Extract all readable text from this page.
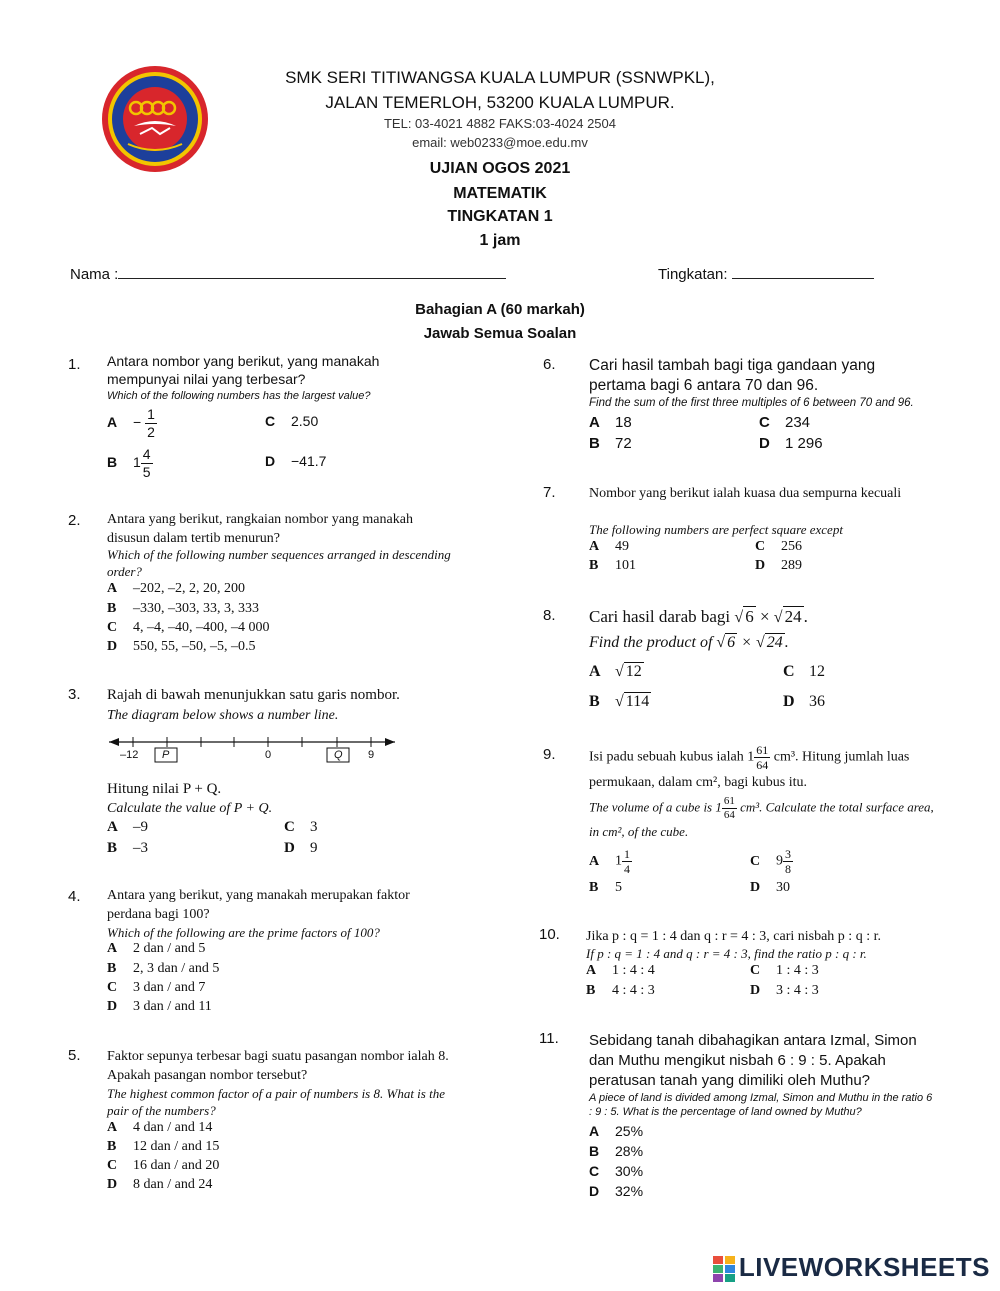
SMK SERI TITIWANGSA KUALA LUMPUR (SSNWPKL),
JALAN TEMERLOH, 53200 KUALA LUMPUR.
TEL: 03-4021 4882 FAKS:03-4024 2504
email: web0233@moe.edu.mv
UJIAN OGOS 2021
MATEMATIK
TINGKATAN 1
1 jam
Nama :	Tingkatan:
Bahagian A (60 markah)
Jawab Semua Soalan
1. Antara nombor yang berikut, yang manakah mempunyai nilai yang terbesar?
Which of the following numbers has the largest value?
$A - \frac{1}{2}$	C 2.50
B $1 \frac{4}{5}$	D −41.7
2. Antara yang berikut, rangkaian nombor yang manakah disusun dalam tertib menurun?
Which of the following number sequences arranged in descending order?
A –202, –2, 2, 20, 200
B –330, –303, 33, 3, 333
C 4, –4, –40, –400, –4 000
D 550, 55, –50, –5, –0.5
3. Rajah di bawah menunjukkan satu garis nombor.
The diagram below shows a number line.
–12 P	0	Q 9
Hitung nilai P + Q.
Calculate the value of P + Q.
A –9	C 3
B –3	D 9
4. Antara yang berikut, yang manakah merupakan faktor perdana bagi 100?
Which of the following are the prime factors of 100?
A 2 dan / and 5
B 2, 3 dan / and 5
C 3 dan / and 7
D 3 dan / and 11
5. Faktor sepunya terbesar bagi suatu pasangan nombor ialah 8. Apakah pasangan nombor tersebut?
The highest common factor of a pair of numbers is 8. What is the pair of the numbers?
A 4 dan / and 14
B 12 dan / and 15
C 16 dan / and 20
D 8 dan / and 24
6. Cari hasil tambah bagi tiga gandaan yang pertama bagi 6 antara 70 dan 96.
Find the sum of the first three multiples of 6 between 70 and 96.
A 18	C 234
B 72	D 1 296
7. Nombor yang berikut ialah kuasa dua sempurna kecuali
The following numbers are perfect square except
A 49	C 256
B 101	D 289
8. Cari hasil darab bagi √ 6 × √ 24 .
Find the product of √ 6 × √ 24 .
A √ 12	C 12
B √ 114	D 36
9. Isi padu sebuah kubus ialah $1 \frac{61}{64} cm^3$. Hitung jumlah luas permukaan, dalam cm², bagi kubus itu.
The volume of a cube is $1 \frac{61}{64} cm^3$. Calculate the total surface area, in cm², of the cube.
A $1 \frac{1}{4}$	C $9 \frac{3}{8}$
B 5	D 30
10. Jika p : q = 1 : 4 dan q : r = 4 : 3, cari nisbah p : q : r.
If p : q = 1 : 4 and q : r = 4 : 3, find the ratio p : q : r.
A 1 : 4 : 4	C 1 : 4 : 3
B 4 : 4 : 3	D 3 : 4 : 3
11. Sebidang tanah dibahagikan antara Izmal, Simon dan Muthu mengikut nisbah 6 : 9 : 5. Apakah peratusan tanah yang dimiliki oleh Muthu?
A piece of land is divided among Izmal, Simon and Muthu in the ratio 6 : 9 : 5. What is the percentage of land owned by Muthu?
A 25%
B 28%
C 30%
D 32%
LIVEWORKSHEETS
